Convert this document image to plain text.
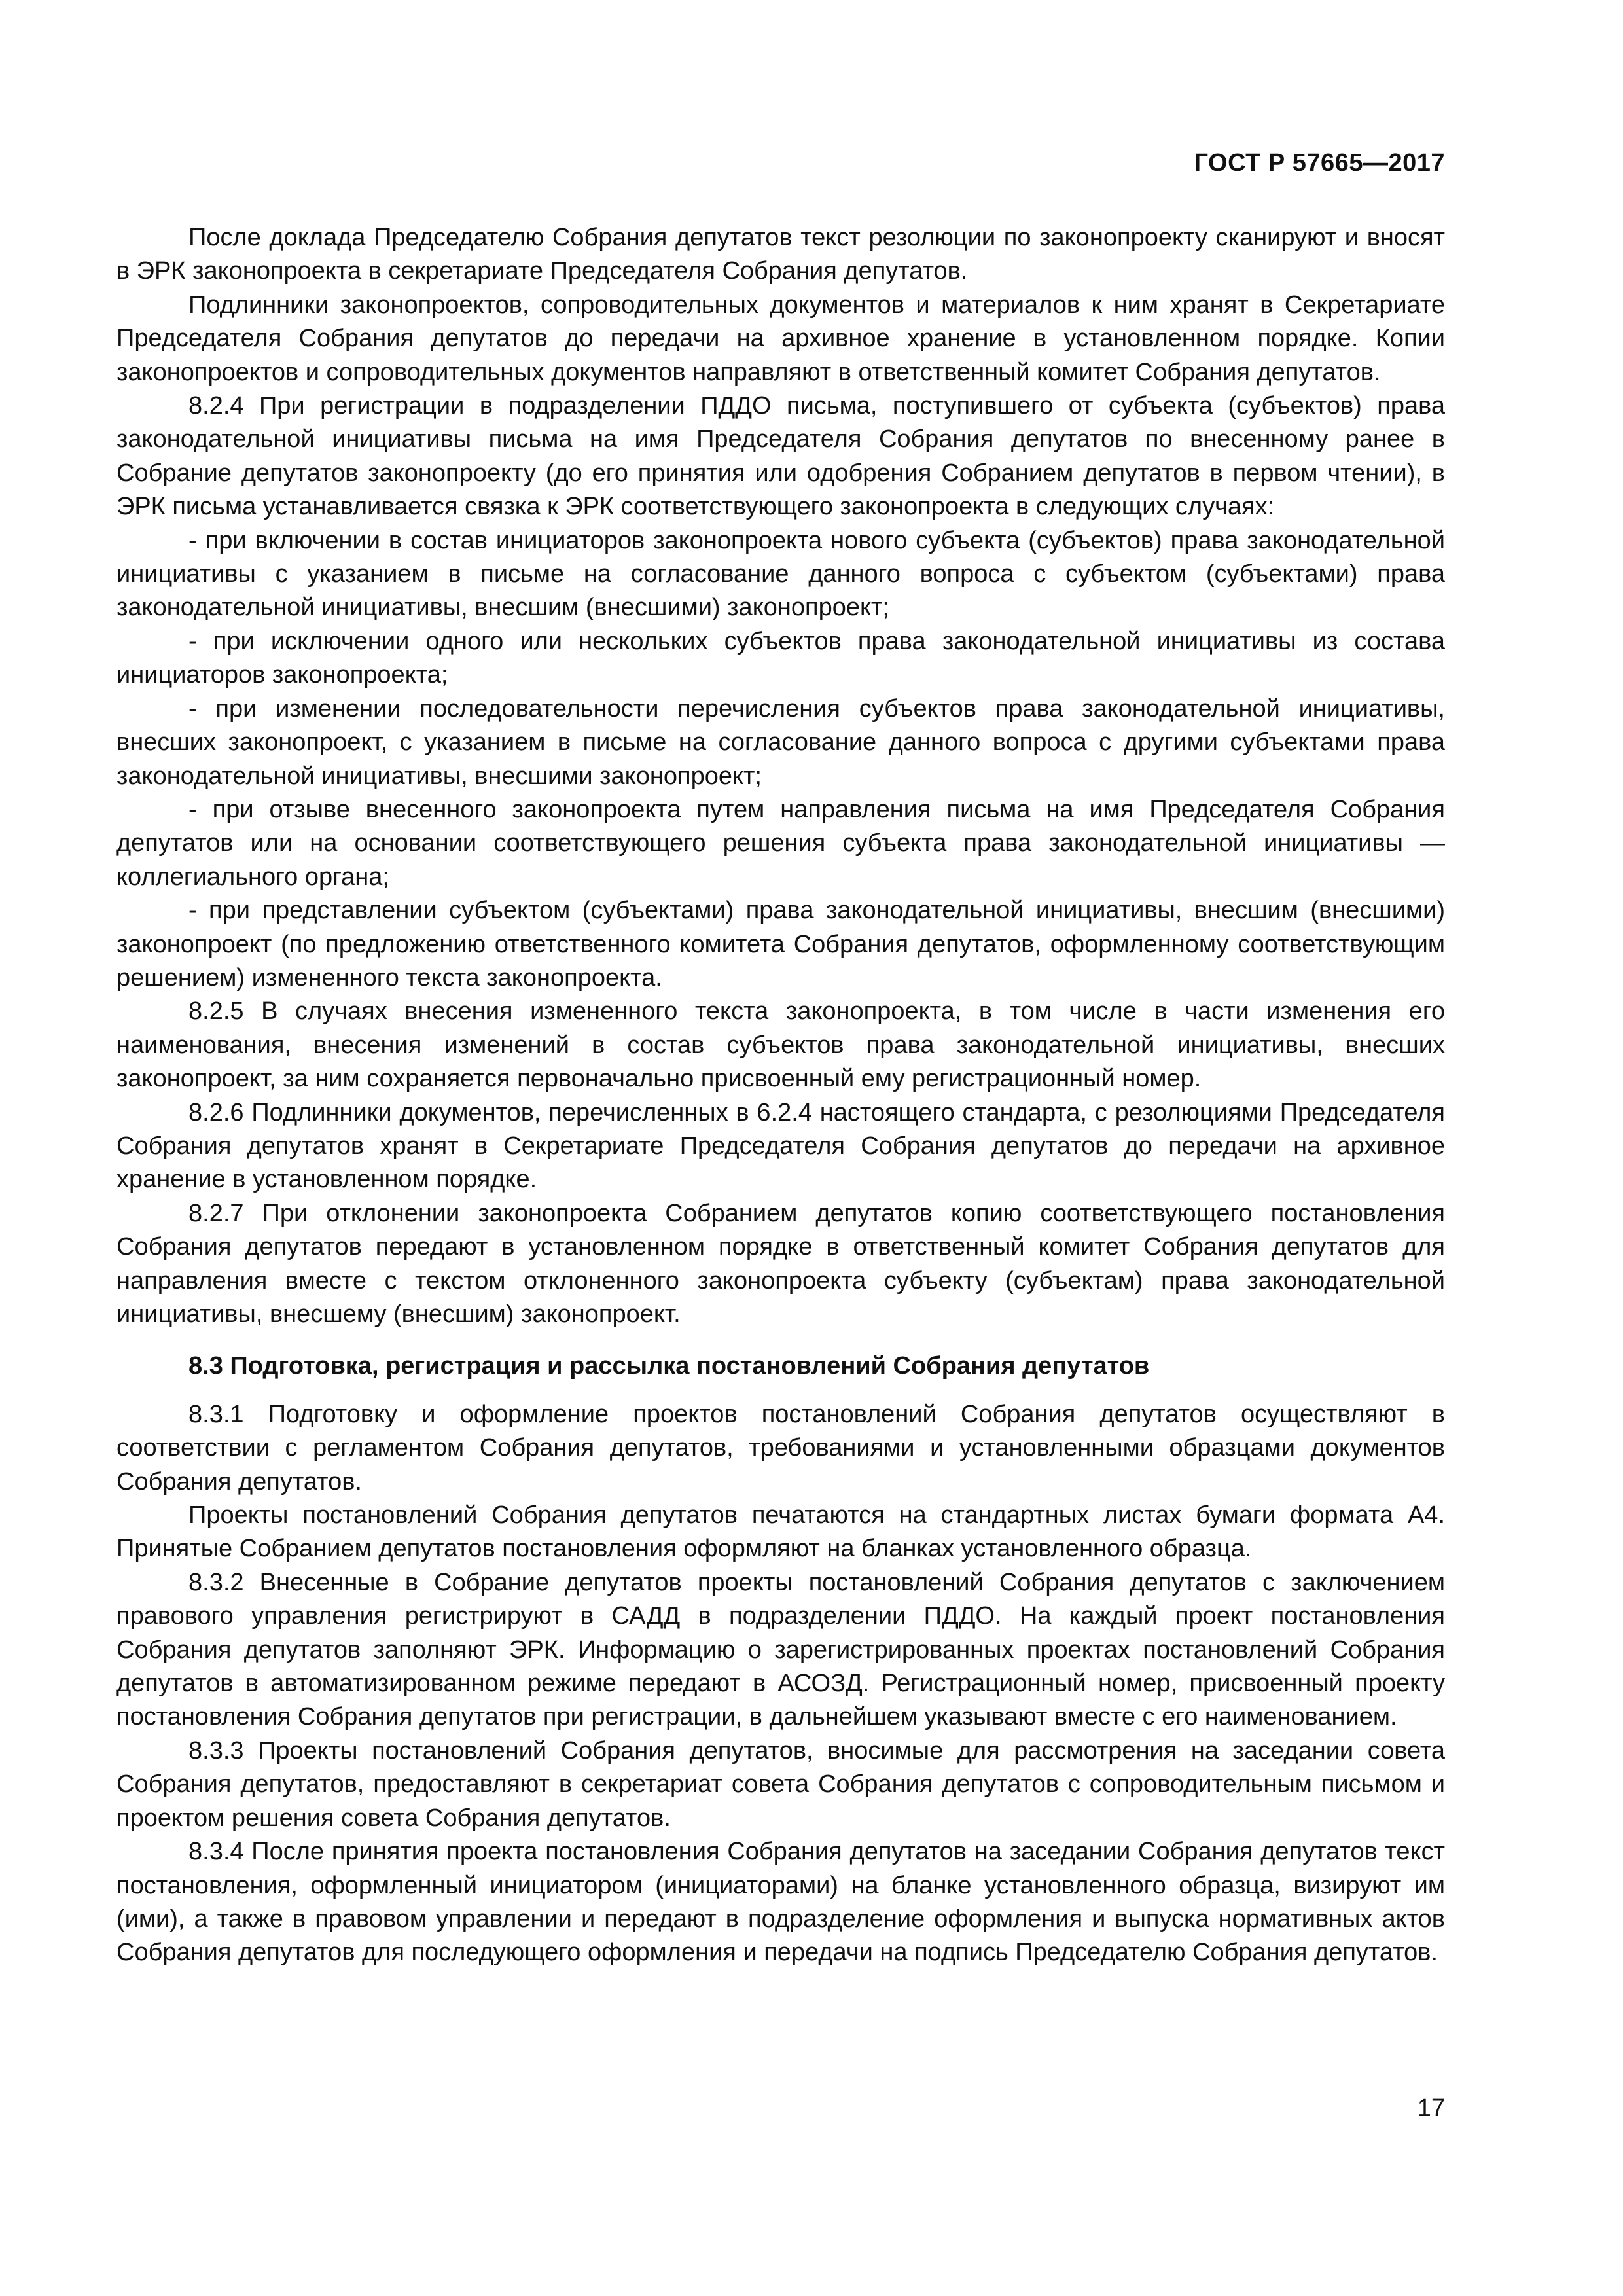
ГОСТ Р 57665—2017

После доклада Председателю Собрания депутатов текст резолюции по законопроекту сканируют и вносят в ЭРК законопроекта в секретариате Председателя Собрания депутатов.

Подлинники законопроектов, сопроводительных документов и материалов к ним хранят в Секретариате Председателя Собрания депутатов до передачи на архивное хранение в установленном порядке. Копии законопроектов и сопроводительных документов направляют в ответственный комитет Собрания депутатов.

8.2.4 При регистрации в подразделении ПДДО письма, поступившего от субъекта (субъектов) права законодательной инициативы письма на имя Председателя Собрания депутатов по внесенному ранее в Собрание депутатов законопроекту (до его принятия или одобрения Собранием депутатов в первом чтении), в ЭРК письма устанавливается связка к ЭРК соответствующего законопроекта в следующих случаях:

- при включении в состав инициаторов законопроекта нового субъекта (субъектов) права законодательной инициативы с указанием в письме на согласование данного вопроса с субъектом (субъектами) права законодательной инициативы, внесшим (внесшими) законопроект;

- при исключении одного или нескольких субъектов права законодательной инициативы из состава инициаторов законопроекта;

- при изменении последовательности перечисления субъектов права законодательной инициативы, внесших законопроект, с указанием в письме на согласование данного вопроса с другими субъектами права законодательной инициативы, внесшими законопроект;

- при отзыве внесенного законопроекта путем направления письма на имя Председателя Собрания депутатов или на основании соответствующего решения субъекта права законодательной инициативы — коллегиального органа;

- при представлении субъектом (субъектами) права законодательной инициативы, внесшим (внесшими) законопроект (по предложению ответственного комитета Собрания депутатов, оформленному соответствующим решением) измененного текста законопроекта.

8.2.5 В случаях внесения измененного текста законопроекта, в том числе в части изменения его наименования, внесения изменений в состав субъектов права законодательной инициативы, внесших законопроект, за ним сохраняется первоначально присвоенный ему регистрационный номер.

8.2.6 Подлинники документов, перечисленных в 6.2.4 настоящего стандарта, с резолюциями Председателя Собрания депутатов хранят в Секретариате Председателя Собрания депутатов до передачи на архивное хранение в установленном порядке.

8.2.7 При отклонении законопроекта Собранием депутатов копию соответствующего постановления Собрания депутатов передают в установленном порядке в ответственный комитет Собрания депутатов для направления вместе с текстом отклоненного законопроекта субъекту (субъектам) права законодательной инициативы, внесшему (внесшим) законопроект.

8.3 Подготовка, регистрация и рассылка постановлений Собрания депутатов

8.3.1 Подготовку и оформление проектов постановлений Собрания депутатов осуществляют в соответствии с регламентом Собрания депутатов, требованиями и установленными образцами документов Собрания депутатов.

Проекты постановлений Собрания депутатов печатаются на стандартных листах бумаги формата А4. Принятые Собранием депутатов постановления оформляют на бланках установленного образца.

8.3.2 Внесенные в Собрание депутатов проекты постановлений Собрания депутатов с заключением правового управления регистрируют в САДД в подразделении ПДДО. На каждый проект постановления Собрания депутатов заполняют ЭРК. Информацию о зарегистрированных проектах постановлений Собрания депутатов в автоматизированном режиме передают в АСОЗД. Регистрационный номер, присвоенный проекту постановления Собрания депутатов при регистрации, в дальнейшем указывают вместе с его наименованием.

8.3.3 Проекты постановлений Собрания депутатов, вносимые для рассмотрения на заседании совета Собрания депутатов, предоставляют в секретариат совета Собрания депутатов с сопроводительным письмом и проектом решения совета Собрания депутатов.

8.3.4 После принятия проекта постановления Собрания депутатов на заседании Собрания депутатов текст постановления, оформленный инициатором (инициаторами) на бланке установленного образца, визируют им (ими), а также в правовом управлении и передают в подразделение оформления и выпуска нормативных актов Собрания депутатов для последующего оформления и передачи на подпись Председателю Собрания депутатов.

17
